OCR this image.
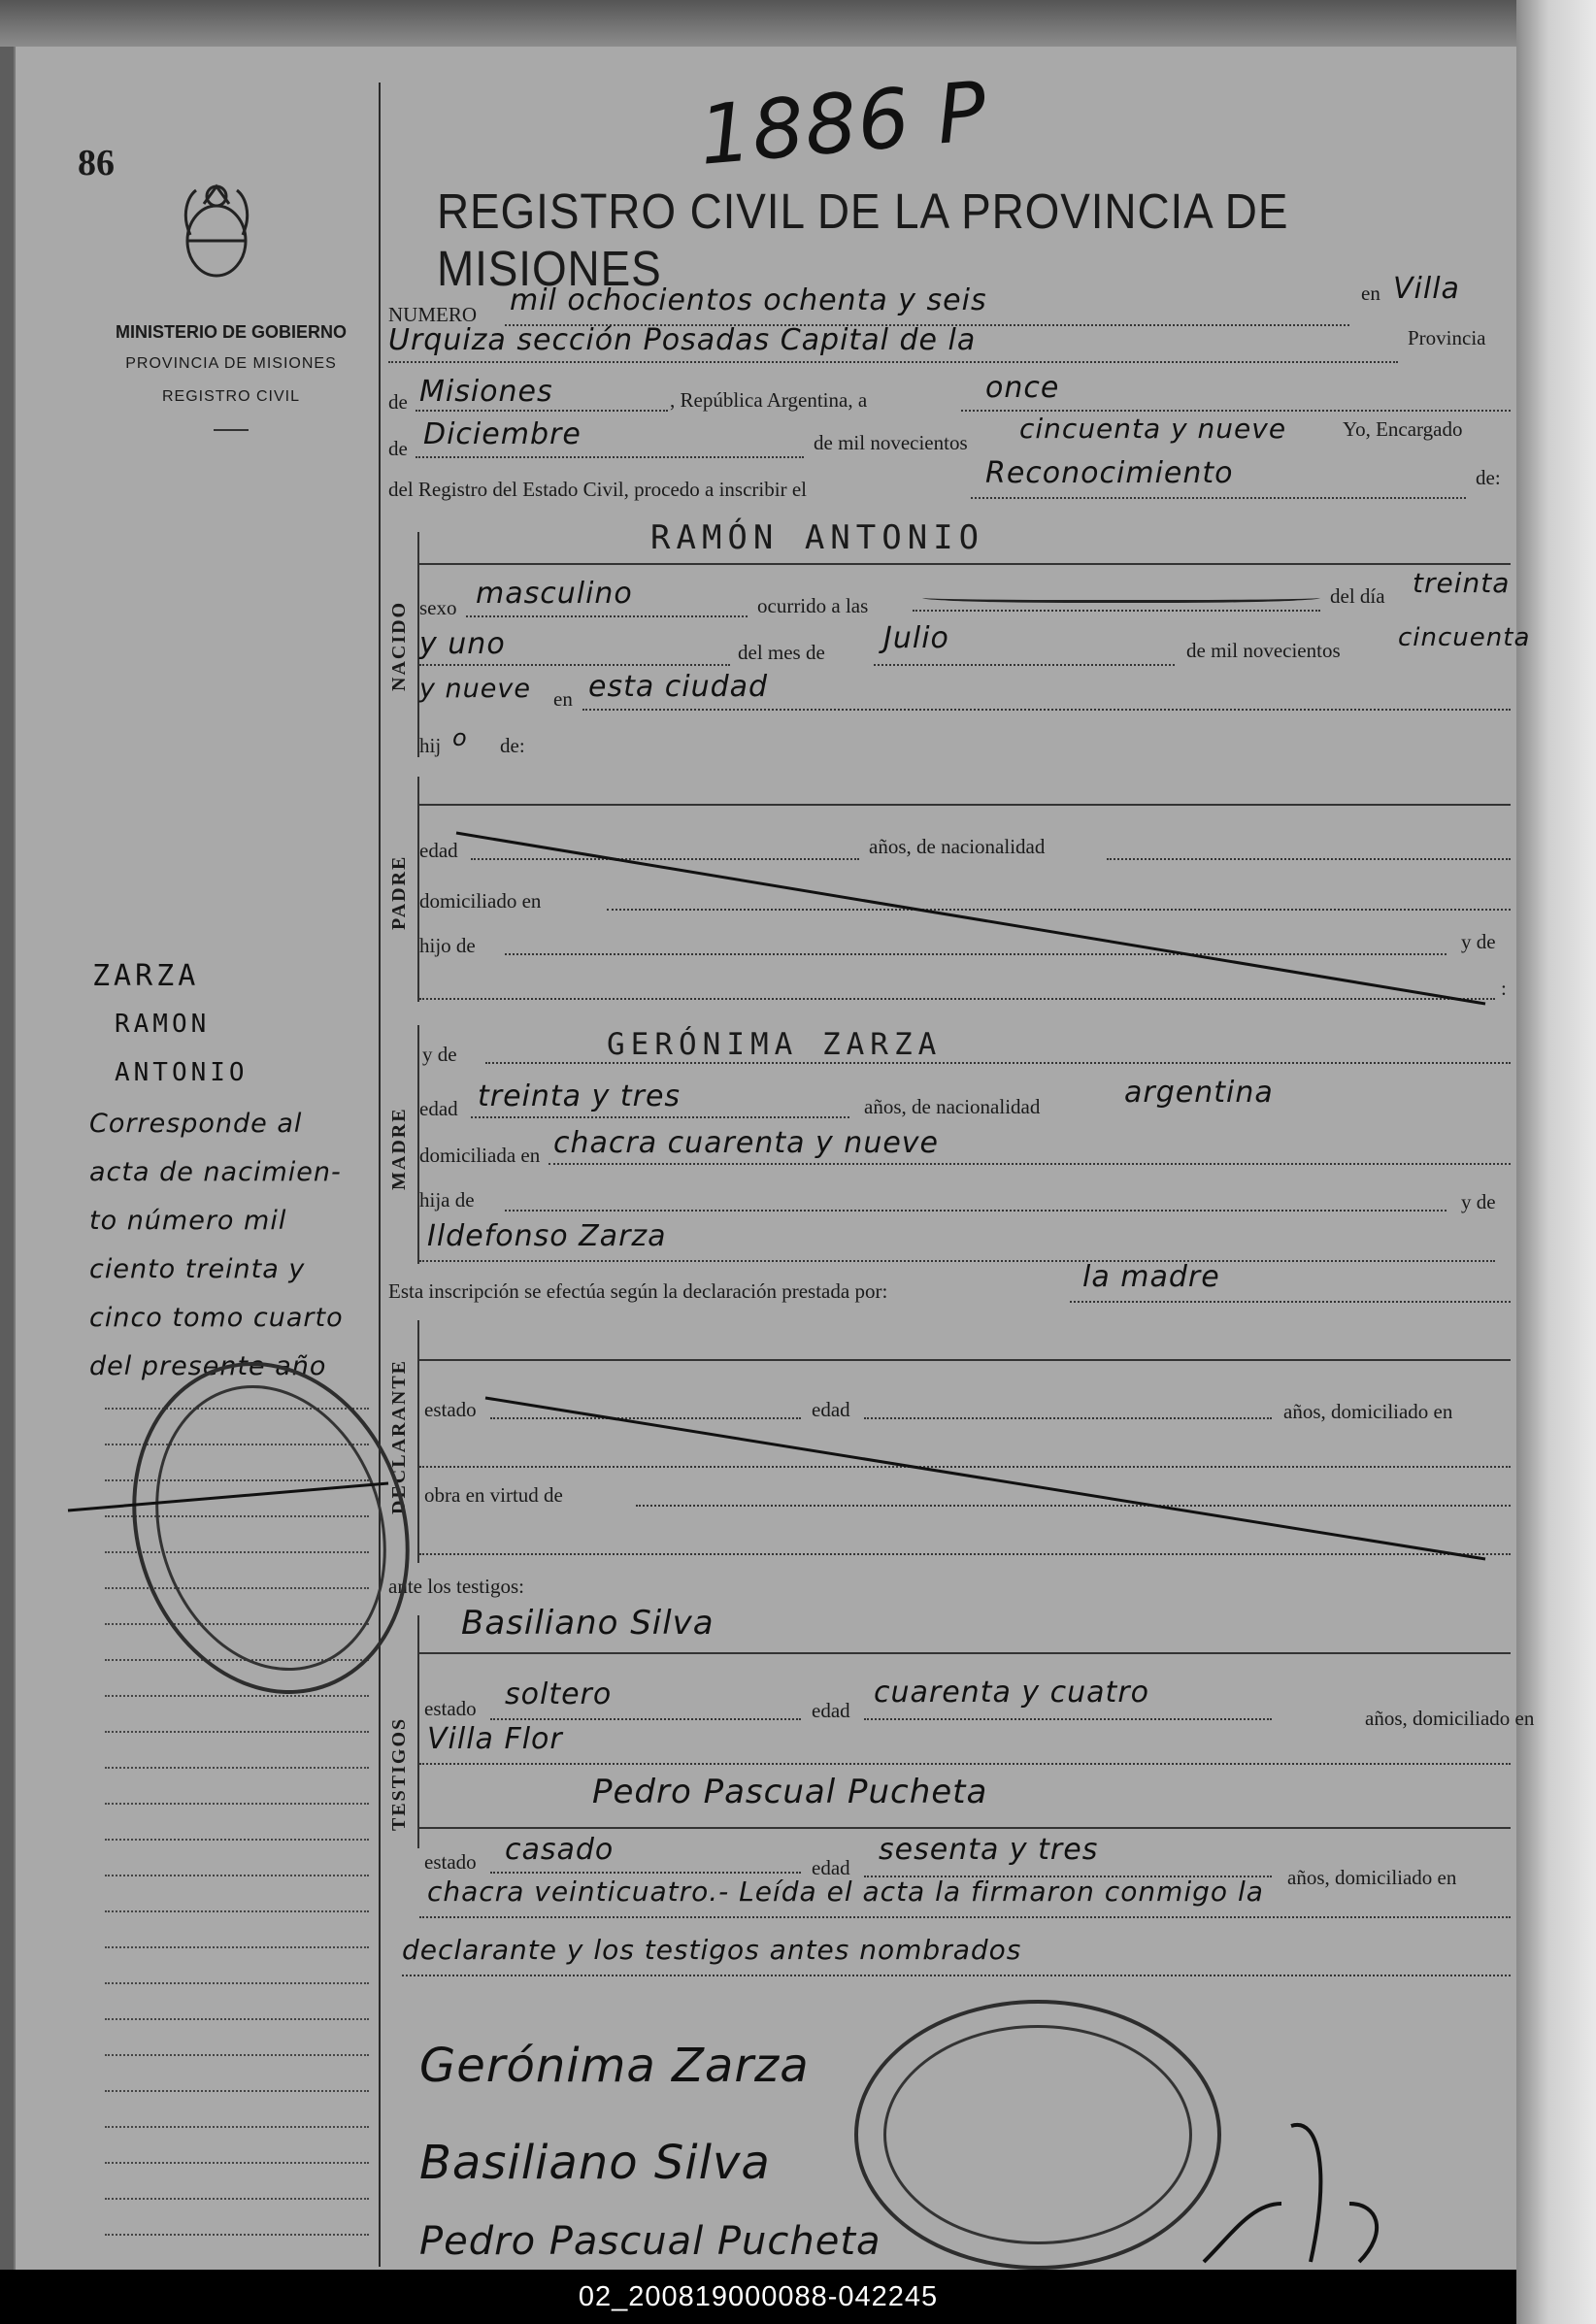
86
MINISTERIO DE GOBIERNO
PROVINCIA DE MISIONES
REGISTRO CIVIL
1886 P
REGISTRO CIVIL DE LA PROVINCIA DE MISIONES
NUMERO mil ochocientos ochenta y seis	en Villa
Urquiza sección Posadas Capital de la	Provincia
de Misiones	, República Argentina, a	once
de Diciembre	de mil novecientos cincuenta y nueve	Yo, Encargado
del Registro del Estado Civil, procedo a inscribir el	Reconocimiento	de:
NACIDO
RAMÓN ANTONIO
sexo masculino	ocurrido a las	del día treinta
y uno	del mes de Julio	de mil novecientos cincuenta
y nueve en esta ciudad
hij o de:
PADRE
edad	años, de nacionalidad
domiciliado en
hijo de	y de
:
MADRE
y de	GERÓNIMA ZARZA
edad treinta y tres	años, de nacionalidad	argentina
domiciliada en chacra cuarenta y nueve
hija de	y de
Ildefonso Zarza
Esta inscripción se efectúa según la declaración prestada por:	la madre
DECLARANTE estado	edad	años, domiciliado en
obra en virtud de
ante los testigos:
TESTIGOS
Basiliano Silva
estado soltero	edad
cuarenta y cuatro
años, domiciliado en
Villa Flor
Pedro Pascual Pucheta
estado casado
edad
sesenta y tres
años, domiciliado en
chacra veinticuatro.- Leída el acta la firmaron conmigo la
declarante y los testigos antes nombrados
Gerónima Zarza
Basiliano Silva
Pedro Pascual Pucheta
ZARZA
RAMON
ANTONIO
Corresponde al
acta de nacimien-
to número mil
ciento treinta y
cinco tomo cuarto
del presente año
02_200819000088-042245
